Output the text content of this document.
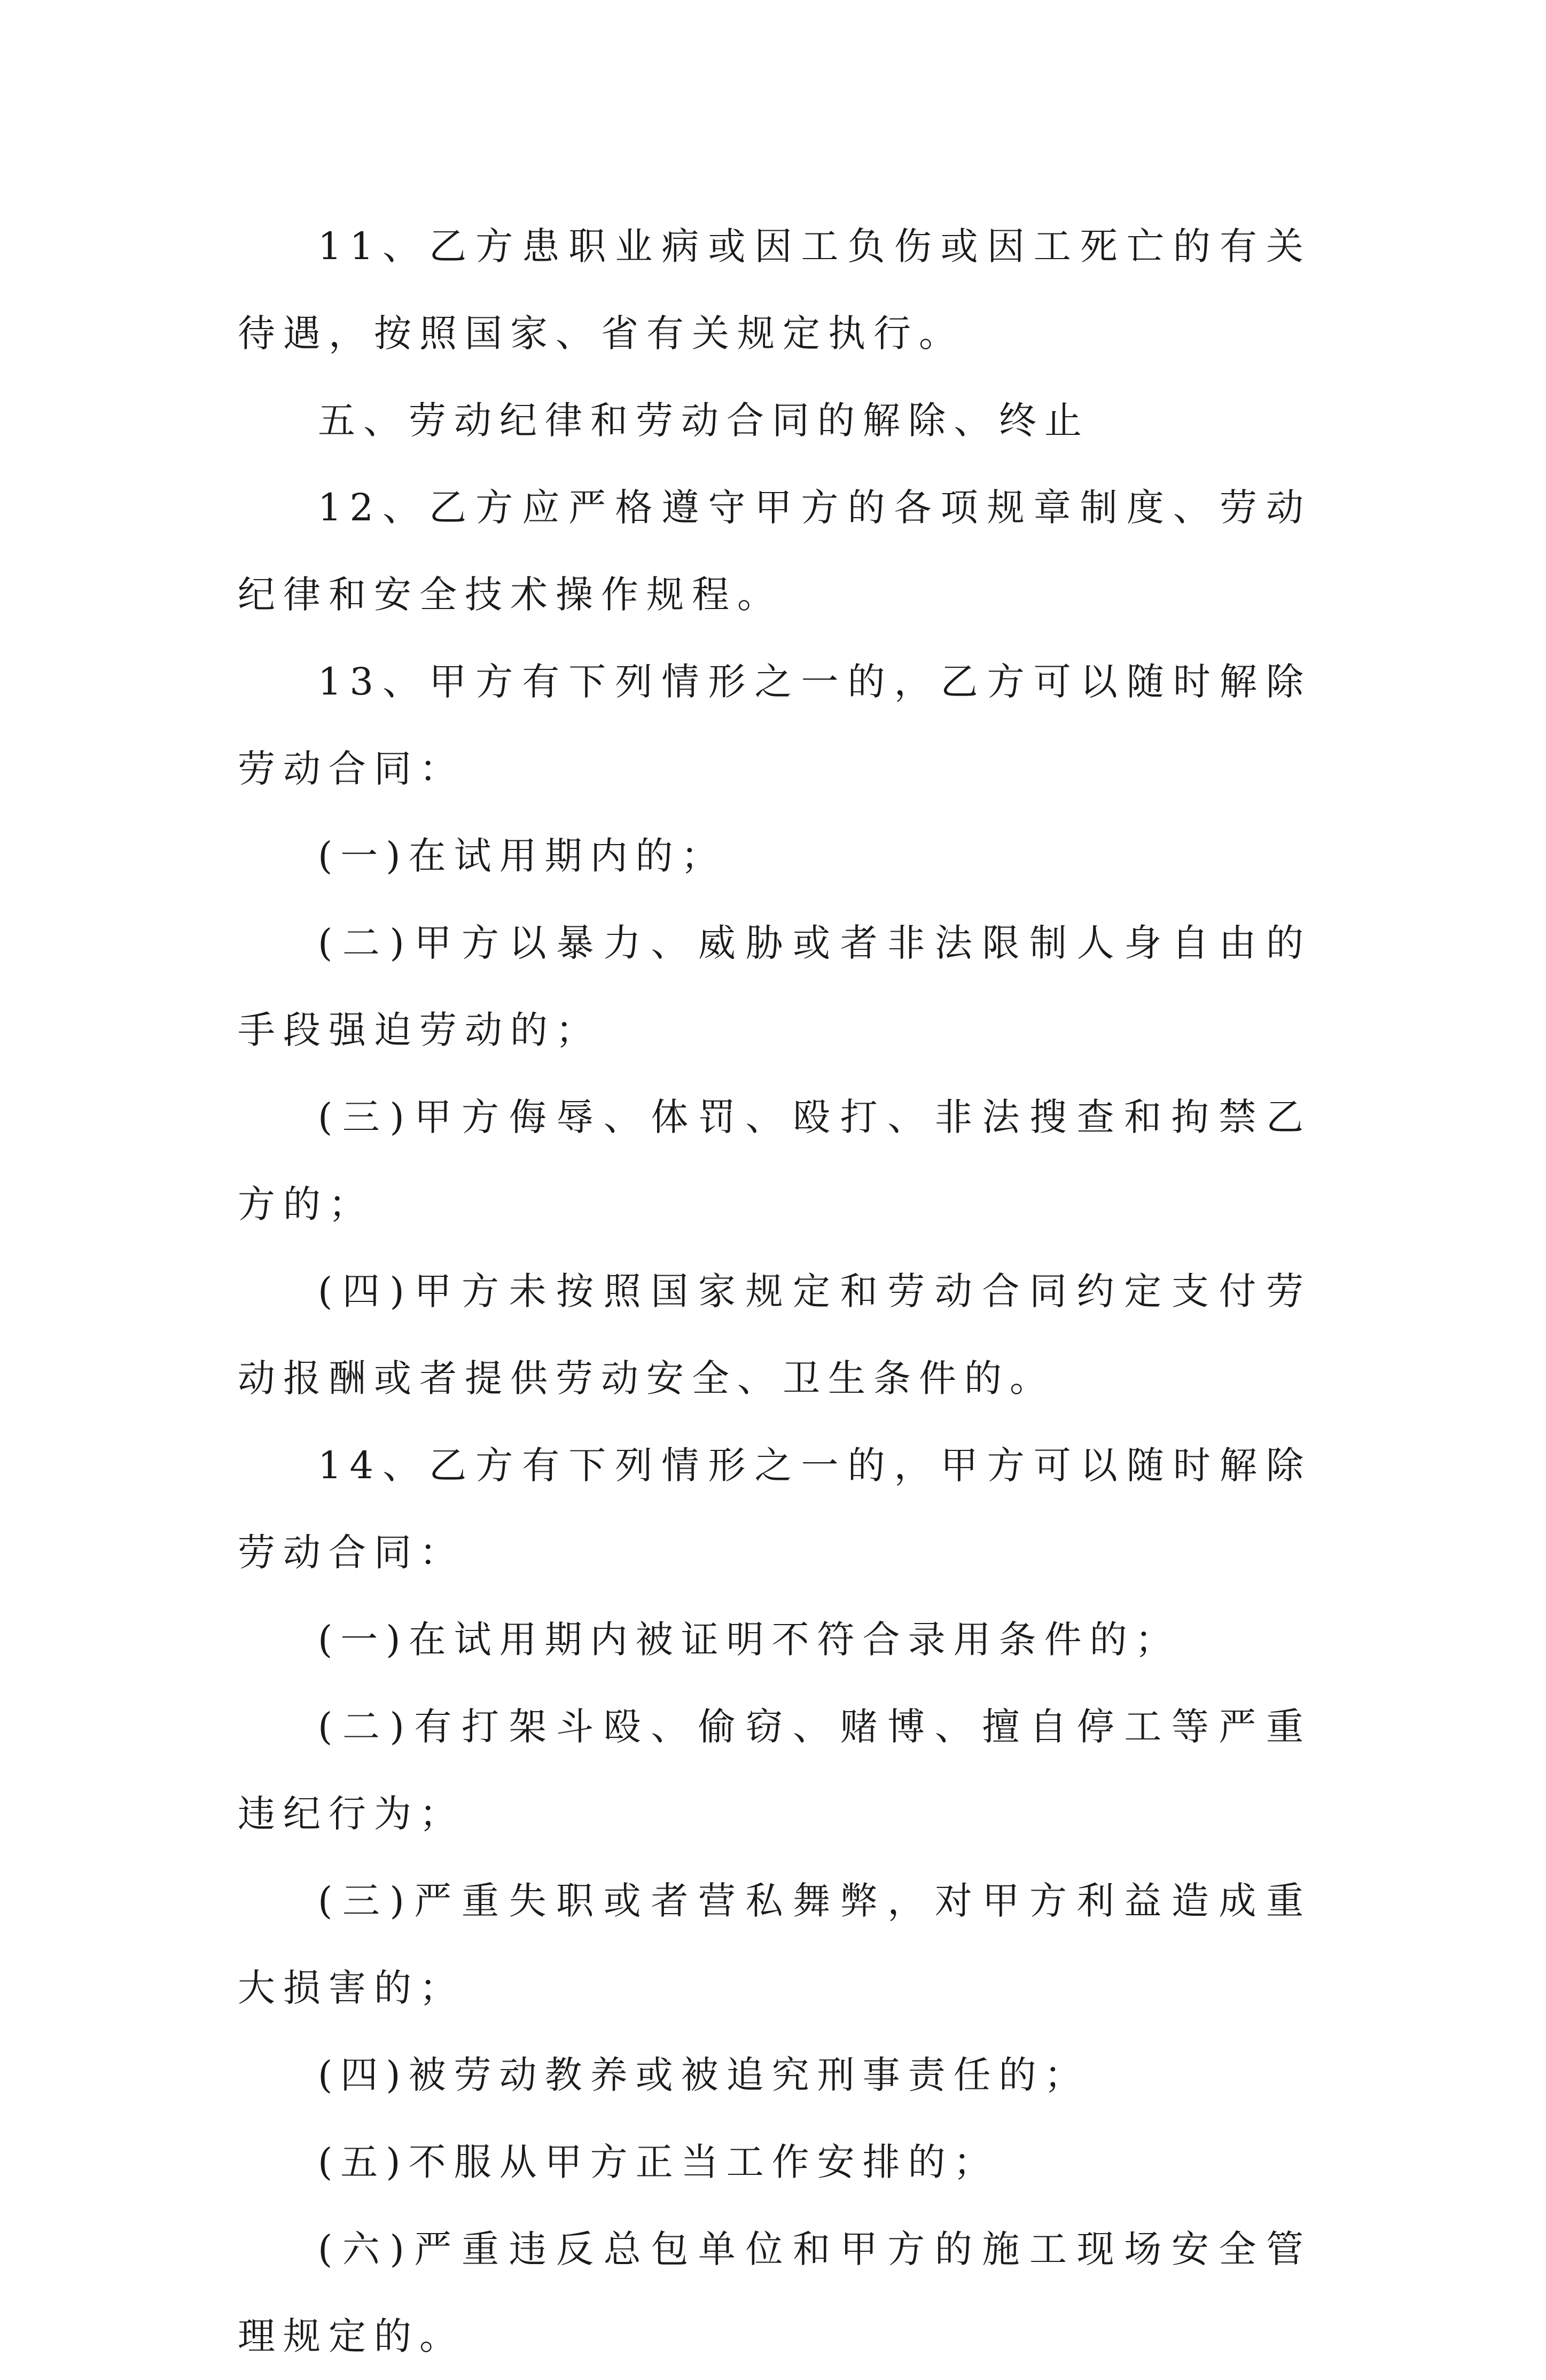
11、乙方患职业病或因工负伤或因工死亡的有关待遇，按照国家、省有关规定执行。

五、劳动纪律和劳动合同的解除、终止

12、乙方应严格遵守甲方的各项规章制度、劳动纪律和安全技术操作规程。

13、甲方有下列情形之一的，乙方可以随时解除劳动合同：

(一)在试用期内的；

(二)甲方以暴力、威胁或者非法限制人身自由的手段强迫劳动的；

(三)甲方侮辱、体罚、殴打、非法搜查和拘禁乙方的；

(四)甲方未按照国家规定和劳动合同约定支付劳动报酬或者提供劳动安全、卫生条件的。

14、乙方有下列情形之一的，甲方可以随时解除劳动合同：

(一)在试用期内被证明不符合录用条件的；

(二)有打架斗殴、偷窃、赌博、擅自停工等严重违纪行为；

(三)严重失职或者营私舞弊，对甲方利益造成重大损害的；

(四)被劳动教养或被追究刑事责任的；

(五)不服从甲方正当工作安排的；

(六)严重违反总包单位和甲方的施工现场安全管理规定的。
